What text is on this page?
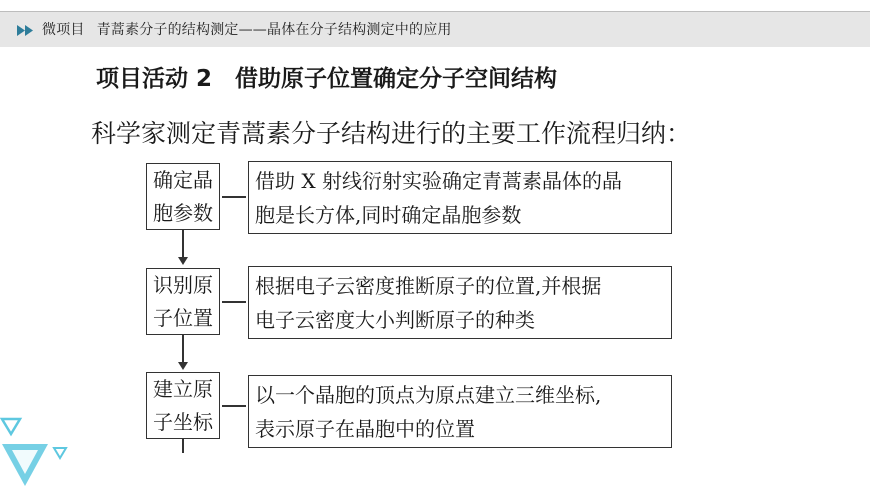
微项目 青蒿素分子的结构测定——晶体在分子结构测定中的应用
项目活动 2　借助原子位置确定分子空间结构
科学家测定青蒿素分子结构进行的主要工作流程归纳：
确定晶
胞参数
借助 X 射线衍射实验确定青蒿素晶体的晶
胞是长方体,同时确定晶胞参数
识别原
子位置
根据电子云密度推断原子的位置,并根据
电子云密度大小判断原子的种类
建立原
子坐标
以一个晶胞的顶点为原点建立三维坐标,
表示原子在晶胞中的位置
